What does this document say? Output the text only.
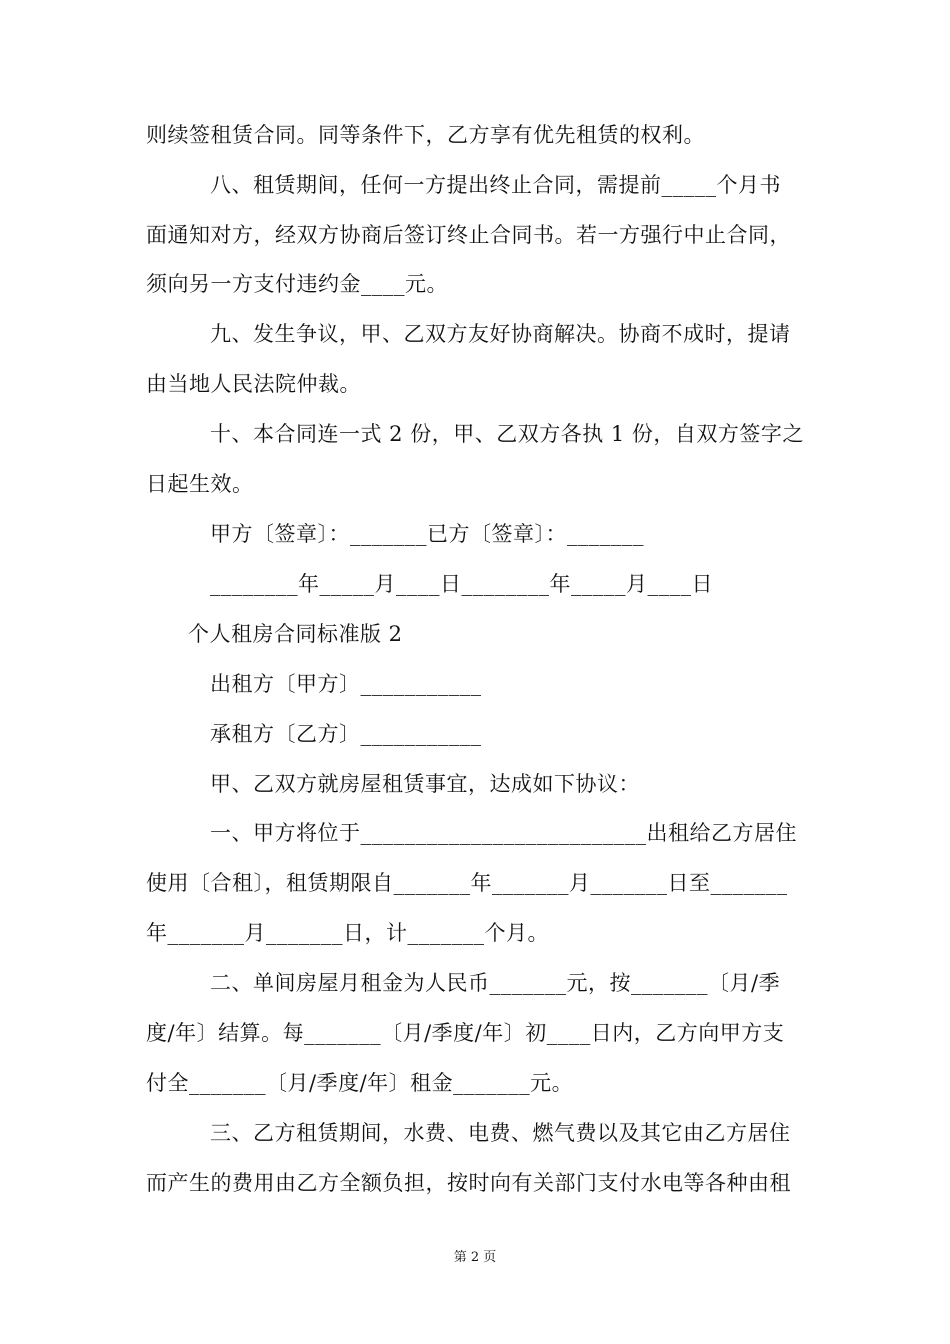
则续签租赁合同。同等条件下，乙方享有优先租赁的权利。
八、租赁期间，任何一方提出终止合同，需提前_____个月书
面通知对方，经双方协商后签订终止合同书。若一方强行中止合同，
须向另一方支付违约金____元。
九、发生争议，甲、乙双方友好协商解决。协商不成时，提请
由当地人民法院仲裁。
十、本合同连一式 2 份，甲、乙双方各执 1 份，自双方签字之
日起生效。
甲方〔签章〕：_______已方〔签章〕：_______
________年_____月____日________年_____月____日
个人租房合同标准版 2
出租方〔甲方〕___________
承租方〔乙方〕___________
甲、乙双方就房屋租赁事宜，达成如下协议：
一、甲方将位于__________________________出租给乙方居住
使用〔合租〕，租赁期限自_______年_______月_______日至_______
年_______月_______日，计_______个月。
二、单间房屋月租金为人民币_______元，按_______〔月/季
度/年〕结算。每_______〔月/季度/年〕初____日内，乙方向甲方支
付全_______〔月/季度/年〕租金_______元。
三、乙方租赁期间，水费、电费、燃气费以及其它由乙方居住
而产生的费用由乙方全额负担，按时向有关部门支付水电等各种由租
第 2 页
